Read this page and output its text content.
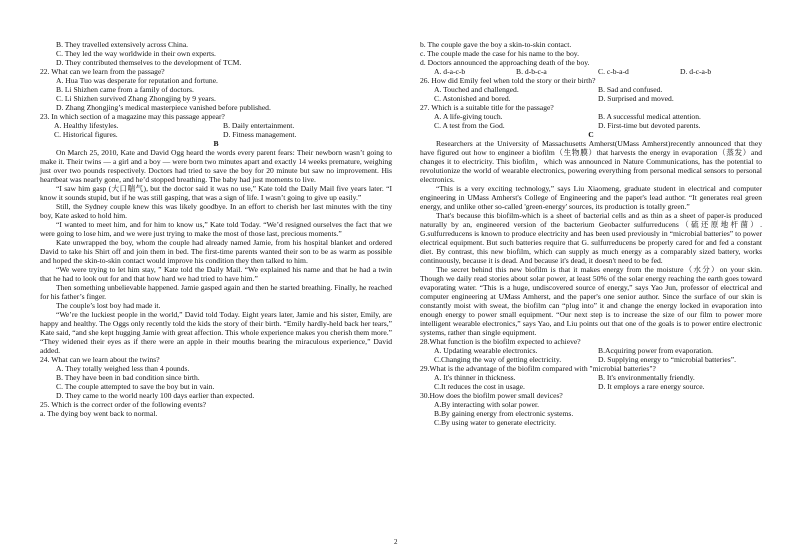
B. They travelled extensively across China.

C. They led the way worldwide in their own experts.

D. They contributed themselves to the development of TCM.

22. What can we learn from the passage?

A. Hua Tuo was desperate for reputation and fortune.

B. Li Shizhen came from a family of doctors.

C. Li Shizhen survived Zhang Zhongjing by 9 years.

D. Zhang Zhongjing’s medical masterpiece vanished before published.

23. In which section of a magazine may this passage appear?

A. Healthy lifestyles.	B. Daily entertainment.
C. Historical figures.	D. Fitness management.

B

On March 25, 2010, Kate and David Ogg heard the words every parent fears: Their newborn wasn’t going to make it. Their twins — a girl and a boy — were born two minutes apart and exactly 14 weeks premature, weighing just over two pounds respectively. Doctors had tried to save the boy for 20 minute but saw no improvement. His heartbeat was nearly gone, and he’d stopped breathing. The baby had just moments to live.

“I saw him gasp (大口喘气), but the doctor said it was no use,” Kate told the Daily Mail five years later. “I know it sounds stupid, but if he was still gasping, that was a sign of life. I wasn’t going to give up easily.”

Still, the Sydney couple knew this was likely goodbye. In an effort to cherish her last minutes with the tiny boy, Kate asked to hold him.

“I wanted to meet him, and for him to know us,” Kate told Today. “We’d resigned ourselves the fact that we were going to lose him, and we were just trying to make the most of those last, precious moments.”

Kate unwrapped the boy, whom the couple had already named Jamie, from his hospital blanket and ordered David to take his Shirt off and join them in bed. The first-time parents wanted their son to be as warm as possible and hoped the skin-to-skin contact would improve his condition they then talked to him.

“We were trying to let him stay, ” Kate told the Daily Mail. “We explained his name and that he had a twin that he had to look out for and that how hard we had tried to have him.”

Then something unbelievable happened. Jamie gasped again and then he started breathing. Finally, he reached for his father’s finger.

The couple’s lost boy had made it.

“We’re the luckiest people in the world,” David told Today. Eight years later, Jamie and his sister, Emily, are happy and healthy. The Oggs only recently told the kids the story of their birth. “Emily hardly-held back her tears,” Kate said, “and she kept hugging Jamie with great affection. This whole experience makes you cherish them more.” “They widened their eyes as if there were an apple in their mouths bearing the miraculous experience,” David added.

24. What can we learn about the twins?

A. They totally weighed less than 4 pounds.

B. They have been in bad condition since birth.

C. The couple attempted to save the boy but in vain.

D. They came to the world nearly 100 days earlier than expected.

25. Which is the correct order of the following events?

a. The dying boy went back to normal.

b. The couple gave the boy a skin-to-skin contact.

c. The couple made the case for his name to the boy.

d. Doctors announced the approaching death of the boy.

A. d-a-c-b	B. d-b-c-a	C. c-b-a-d	D. d-c-a-b

26. How did Emily feel when told the story or their birth?

A. Touched and challenged.	B. Sad and confused.
C. Astonished and bored.	D. Surprised and moved.

27. Which is a suitable title for the passage?

A. A life-giving touch.	B. A successful medical attention.
C. A test from the God.	D. First-time but devoted parents.

C

Researchers at the University of Massachusetts Amherst(UMass Amherst)recently announced that they have figured out how to engineer a biofilm（生物膜）that harvests the energy in evaporation（蒸发）and changes it to electricity. This biofilm，which was announced in Nature Communications, has the potential to revolutionize the world of wearable electronics, powering everything from personal medical sensors to personal electronics.

“This is a very exciting technology,” says Liu Xiaomeng, graduate student in electrical and computer engineering in UMass Amherst's College of Engineering and the paper's lead author. “It generates real green energy, and unlike other so-called 'green-energy' sources, its production is totally green.”

That's because this biofilm-which is a sheet of bacterial cells and as thin as a sheet of paper-is produced naturally by an, engineered version of the bacterium Geobacter sulfurreducens（硫还原地杆菌）. G.sulfurreducens is known to produce electricity and has been used previously in “microbial batteries” to power electrical equipment. But such batteries require that G. sulfurreducens be properly cared for and fed a constant diet. By contrast, this new biofilm, which can supply as much energy as a comparably sized battery, works continuously, because it is dead. And because it's dead, it doesn't need to be fed.

The secret behind this new biofilm is that it makes energy from the moisture（水分）on your skin. Though we daily read stories about solar power, at least 50% of the solar energy reaching the earth goes toward evaporating water. “This is a huge, undiscovered source of energy,” says Yao Jun, professor of electrical and computer engineering at UMass Amherst, and the paper's one senior author. Since the surface of our skin is constantly moist with sweat, the biofilm can “plug into” it and change the energy locked in evaporation into enough energy to power small equipment. “Our next step is to increase the size of our film to power more intelligent wearable electronics,” says Yao, and Liu points out that one of the goals is to power entire electronic systems, rather than single equipment.

28.What function is the biofilm expected to achieve?

A. Updating wearable electronics.	B.Acquiring power from evaporation.
C.Changing the way of getting electricity.	D. Supplying energy to “microbial batteries”.

29.What is the advantage of the biofilm compared with "microbial batteries"?

A. It's thinner in thickness.	B. It's environmentally friendly.
C.It reduces the cost in usage.	D. It employs a rare energy source.

30.How does the biofilm power small devices?

A.By interacting with solar power.

B.By gaining energy from electronic systems.

C.By using water to generate electricity.

2
